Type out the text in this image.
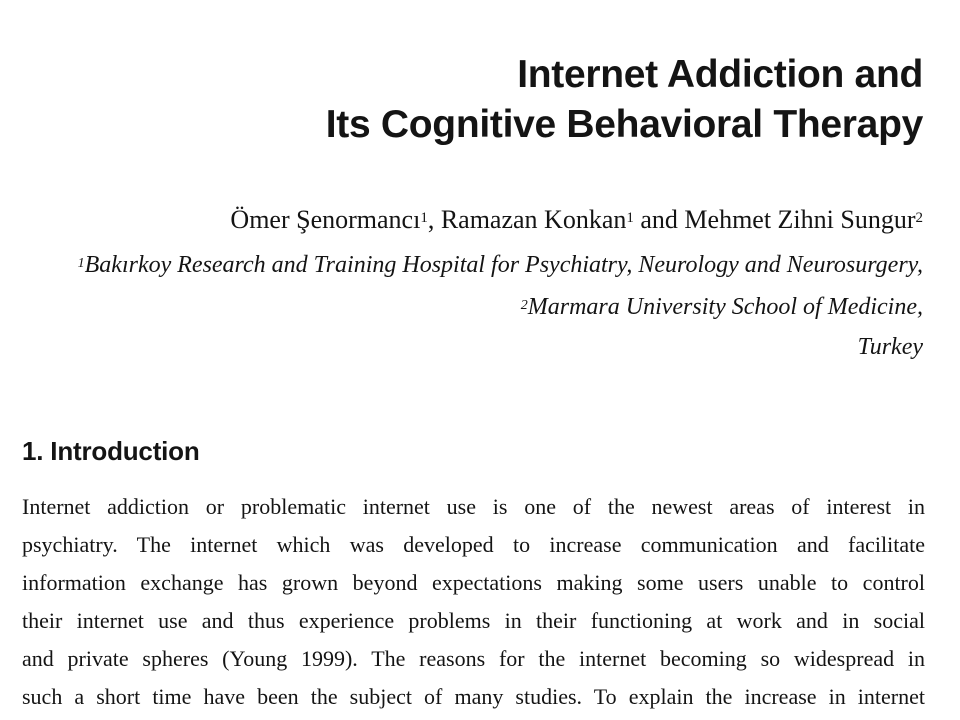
Internet Addiction and
Its Cognitive Behavioral Therapy

Ömer Şenormancı$^1$, Ramazan Konkan$^1$ and Mehmet Zihni Sungur$^2$

$^1$Bakırkoy Research and Training Hospital for Psychiatry, Neurology and Neurosurgery,

$^2$Marmara University School of Medicine,

Turkey

1. Introduction
Internet addiction or problematic internet use is one of the newest areas of interest in
psychiatry. The internet which was developed to increase communication and facilitate
information exchange has grown beyond expectations making some users unable to control
their internet use and thus experience problems in their functioning at work and in social
and private spheres (Young 1999). The reasons for the internet becoming so widespread in
such a short time have been the subject of many studies. To explain the increase in internet
